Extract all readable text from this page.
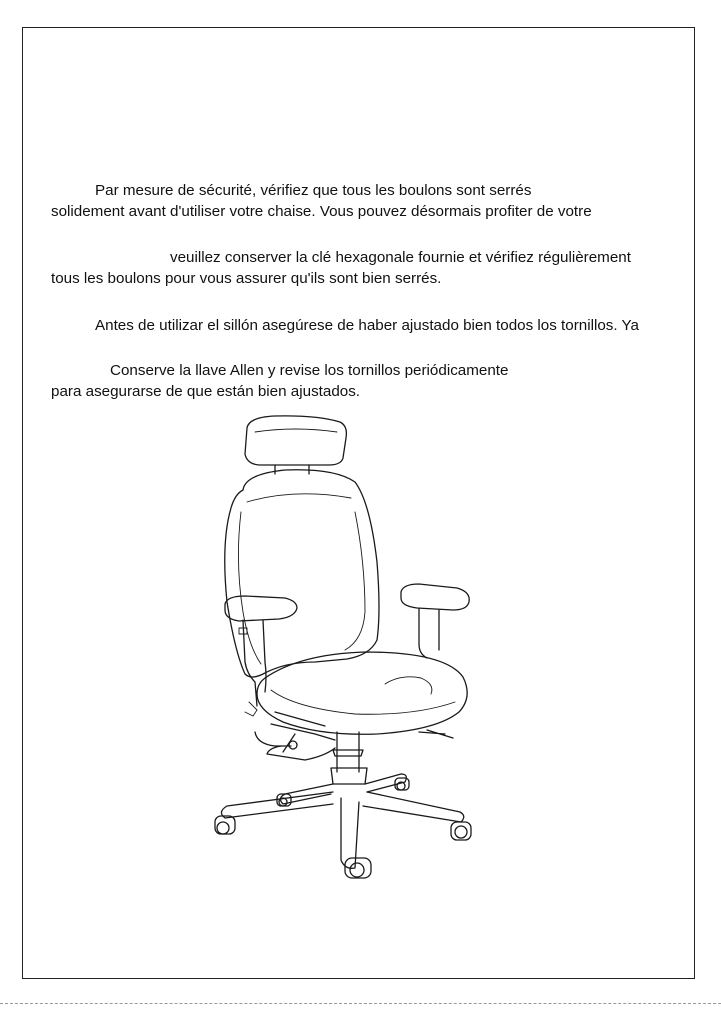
Par mesure de sécurité, vérifiez que tous les boulons sont serrés

solidement avant d'utiliser votre chaise. Vous pouvez désormais profiter de votre

veuillez conserver la clé hexagonale fournie et vérifiez régulièrement

tous les boulons pour vous assurer qu'ils sont bien serrés.

Antes de utilizar el sillón asegúrese de haber ajustado bien todos los tornillos. Ya

Conserve la llave Allen y revise los tornillos periódicamente

para asegurarse de que están bien ajustados.
